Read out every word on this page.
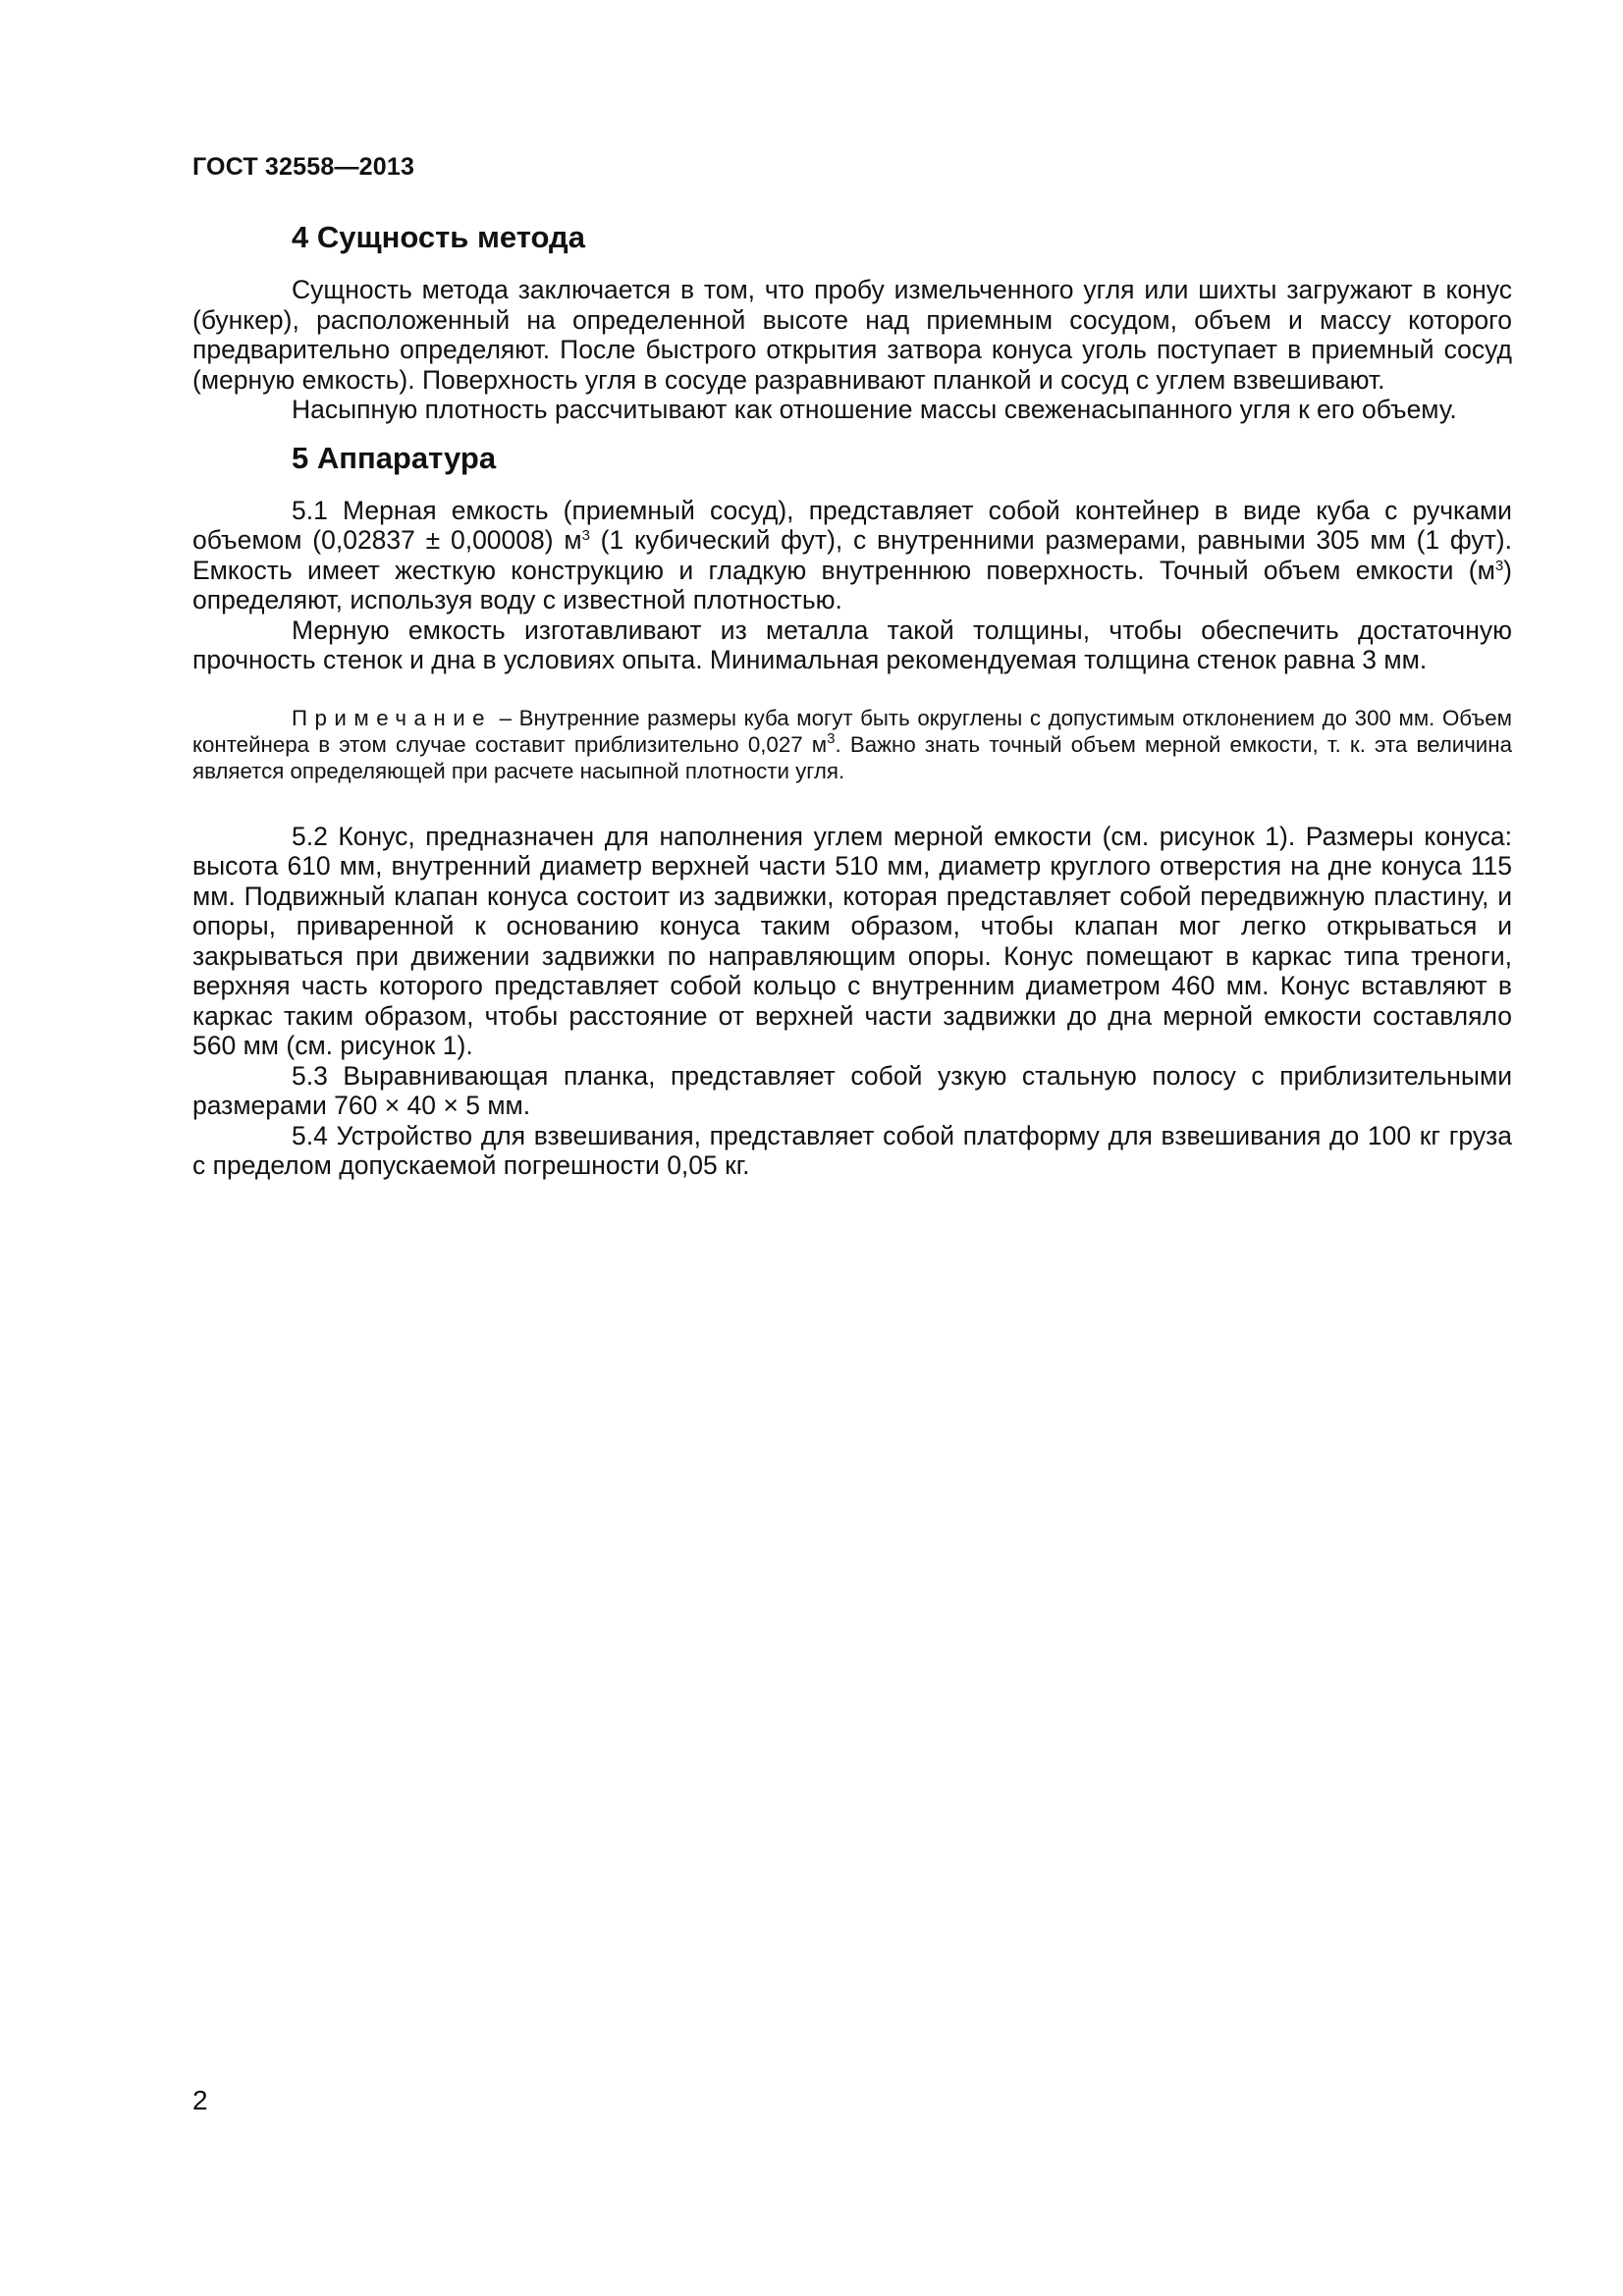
ГОСТ 32558—2013
4 Сущность метода

Сущность метода заключается в том, что пробу измельченного угля или шихты загружают в конус (бункер), расположенный на определенной высоте над приемным сосудом, объем и массу которого предварительно определяют. После быстрого открытия затвора конуса уголь поступает в приемный сосуд (мерную емкость). Поверхность угля в сосуде разравнивают планкой и сосуд с углем взвешивают.

Насыпную плотность рассчитывают как отношение массы свеженасыпанного угля к его объему.

5 Аппаратура

5.1 Мерная емкость (приемный сосуд), представляет собой контейнер в виде куба с ручками объемом (0,02837 ± 0,00008) $м^3$ (1 кубический фут), с внутренними размерами, равными 305 мм (1 фут). Емкость имеет жесткую конструкцию и гладкую внутреннюю поверхность. Точный объем емкости $(м^3)$ определяют, используя воду с известной плотностью.

Мерную емкость изготавливают из металла такой толщины, чтобы обеспечить достаточную прочность стенок и дна в условиях опыта. Минимальная рекомендуемая толщина стенок равна 3 мм.

Примечание – Внутренние размеры куба могут быть округлены с допустимым отклонением до 300 мм. Объем контейнера в этом случае составит приблизительно 0,027 $м^3$. Важно знать точный объем мерной емкости, т. к. эта величина является определяющей при расчете насыпной плотности угля.

5.2 Конус, предназначен для наполнения углем мерной емкости (см. рисунок 1). Размеры конуса: высота 610 мм, внутренний диаметр верхней части 510 мм, диаметр круглого отверстия на дне конуса 115 мм. Подвижный клапан конуса состоит из задвижки, которая представляет собой передвижную пластину, и опоры, приваренной к основанию конуса таким образом, чтобы клапан мог легко открываться и закрываться при движении задвижки по направляющим опоры. Конус помещают в каркас типа треноги, верхняя часть которого представляет собой кольцо с внутренним диаметром 460 мм. Конус вставляют в каркас таким образом, чтобы расстояние от верхней части задвижки до дна мерной емкости составляло 560 мм (см. рисунок 1).

5.3 Выравнивающая планка, представляет собой узкую стальную полосу с приблизительными размерами 760 × 40 × 5 мм.

5.4 Устройство для взвешивания, представляет собой платформу для взвешивания до 100 кг груза с пределом допускаемой погрешности 0,05 кг.

2
